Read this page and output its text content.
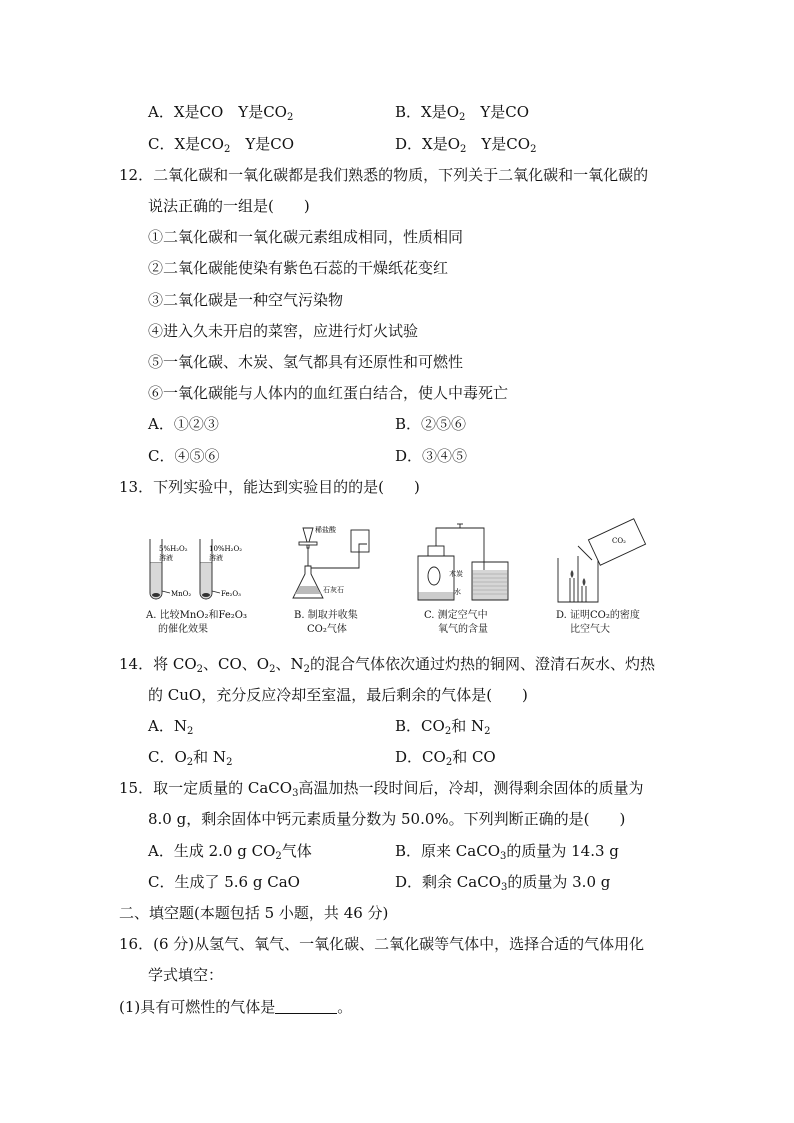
A．X是CO　Y是$CO_2$	B．X是$O_2$　Y是CO
C．X是$CO_2$　Y是CO	D．X是$O_2$　Y是$CO_2$
12．二氧化碳和一氧化碳都是我们熟悉的物质，下列关于二氧化碳和一氧化碳的
说法正确的一组是(　　)
①二氧化碳和一氧化碳元素组成相同，性质相同
②二氧化碳能使染有紫色石蕊的干燥纸花变红
③二氧化碳是一种空气污染物
④进入久未开启的菜窖，应进行灯火试验
⑤一氧化碳、木炭、氢气都具有还原性和可燃性
⑥一氧化碳能与人体内的血红蛋白结合，使人中毒死亡
A．①②③	B．②⑤⑥
C．④⑤⑥	D．③④⑤
13．下列实验中，能达到实验目的的是(　　)
5%H₂O₂
溶液
MnO₂
10%H₂O₂
溶液
Fe₂O₃
A. 比较MnO₂和Fe₂O₃
的催化效果
稀盐酸
石灰石
B. 制取并收集
CO₂气体
木炭
水
C. 测定空气中
氧气的含量
CO₂
D. 证明CO₂的密度
比空气大
14．将 $CO_2$、CO、$O_2$、$N_2$的混合气体依次通过灼热的铜网、澄清石灰水、灼热
的 CuO，充分反应冷却至室温，最后剩余的气体是(　　)
A．$N_2$	B．$CO_2$和 $N_2$
C．$O_2$和 $N_2$	D．$CO_2$和 CO
15．取一定质量的 CaCO$_3$高温加热一段时间后，冷却，测得剩余固体的质量为
8.0 g，剩余固体中钙元素质量分数为 50.0%。下列判断正确的是(　　)
A．生成 2.0 g $CO_2$气体	B．原来 CaCO$_3$的质量为 14.3 g
C．生成了 5.6 g CaO	D．剩余 CaCO$_3$的质量为 3.0 g
二、填空题(本题包括 5 小题，共 46 分)
16．(6 分)从氢气、氧气、一氧化碳、二氧化碳等气体中，选择合适的气体用化
学式填空：
(1)具有可燃性的气体是	。
